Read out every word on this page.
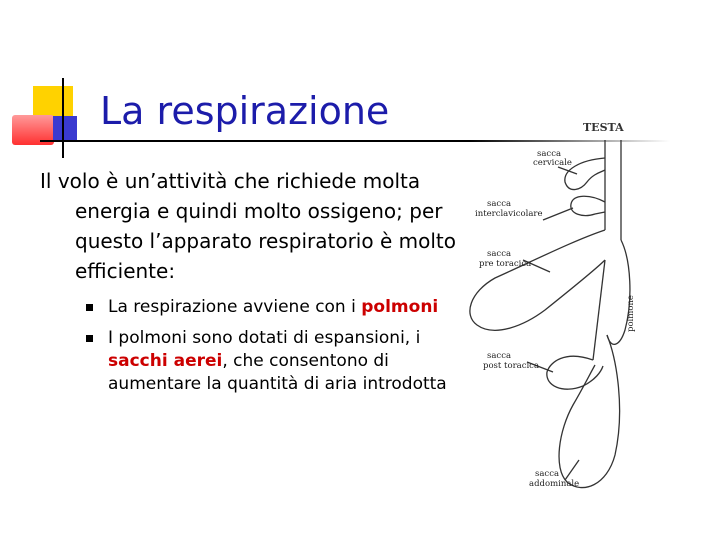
La respirazione
Il volo è un’attività che richiede molta energia e quindi molto ossigeno; per questo l’apparato respiratorio è molto efficiente:
La respirazione avviene con i polmoni
I polmoni sono dotati di espansioni, i sacchi aerei, che consentono di aumentare la quantità di aria introdotta
TESTA
sacca
cervicale
sacca
interclavicolare
sacca
pre toracica
sacca
post toracica
sacca
addominale
polmone
